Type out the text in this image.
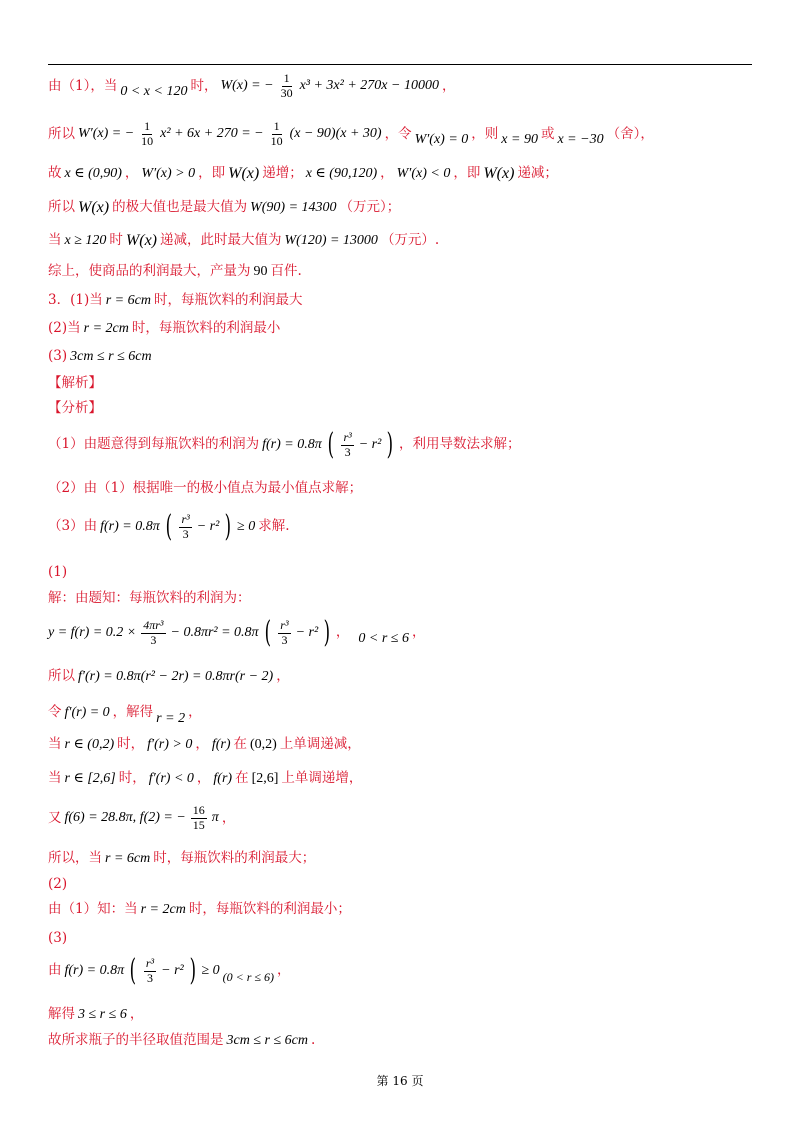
由（1），当 0 < x < 120 时， W(x) = − $\frac{1}{30} x^3 + 3x^2 + 270x - 10000$ ，
所以 W′(x) = − $\frac{1}{10} x^2 + 6x + 270$ = − $\frac{1}{10} (x - 90)(x + 30)$ ，令 W′(x) = 0 ，则 x = 90 或 x = −30 （舍），
故 x ∈ (0,90) ， W′(x) > 0 ，即 W(x) 递增； x ∈ (90,120) ， W′(x) < 0 ，即 W(x) 递减；
所以 W(x) 的极大值也是最大值为 W(90) = 14300 （万元）；
当 x ≥ 120 时 W(x) 递减，此时最大值为 W(120) = 13000 （万元）.
综上，使商品的利润最大，产量为 90 百件.
3．(1)当 r = 6cm 时，每瓶饮料的利润最大
(2)当 r = 2cm 时，每瓶饮料的利润最小
(3) 3cm ≤ r ≤ 6cm
【解析】
【分析】
（1）由题意得到每瓶饮料的利润为 f(r) = 0.8π ( $\frac{\text{r³}}{3} - r^2$ ) ，利用导数法求解；
（2）由（1）根据唯一的极小值点为最小值点求解；
（3）由 f(r) = 0.8π ( $\frac{\text{r³}}{3} - r^2$ ) ≥ 0 求解.
(1)
解：由题知：每瓶饮料的利润为：
$y = f(r) = 0.2 \times \frac{\text{4πr³}}{3} - 0.8\pi r^2 = 0.8\pi$ ( $\frac{\text{r³}}{3} - r^2$ ) ， 0 < r ≤ 6 ，
所以 f′(r) = 0.8π(r² − 2r) = 0.8πr(r − 2) ，
令 f′(r) = 0 ，解得 r = 2 ，
当 r ∈ (0,2) 时， f′(r) > 0 ， f(r) 在 (0,2) 上单调递减，
当 r ∈ [2,6] 时， f′(r) < 0 ， f(r) 在 [2,6] 上单调递增，
又 f(6) = 28.8π, f(2) = − $\frac{16}{15}$ π ，
所以，当 r = 6cm 时，每瓶饮料的利润最大；
(2)
由（1）知：当 r = 2cm 时，每瓶饮料的利润最小；
(3)
由 f(r) = 0.8π ( $\frac{\text{r³}}{3} - r^2$ ) ≥ 0 (0 < r ≤ 6) ，
解得 3 ≤ r ≤ 6 ，
故所求瓶子的半径取值范围是 3cm ≤ r ≤ 6cm .
第 16 页
